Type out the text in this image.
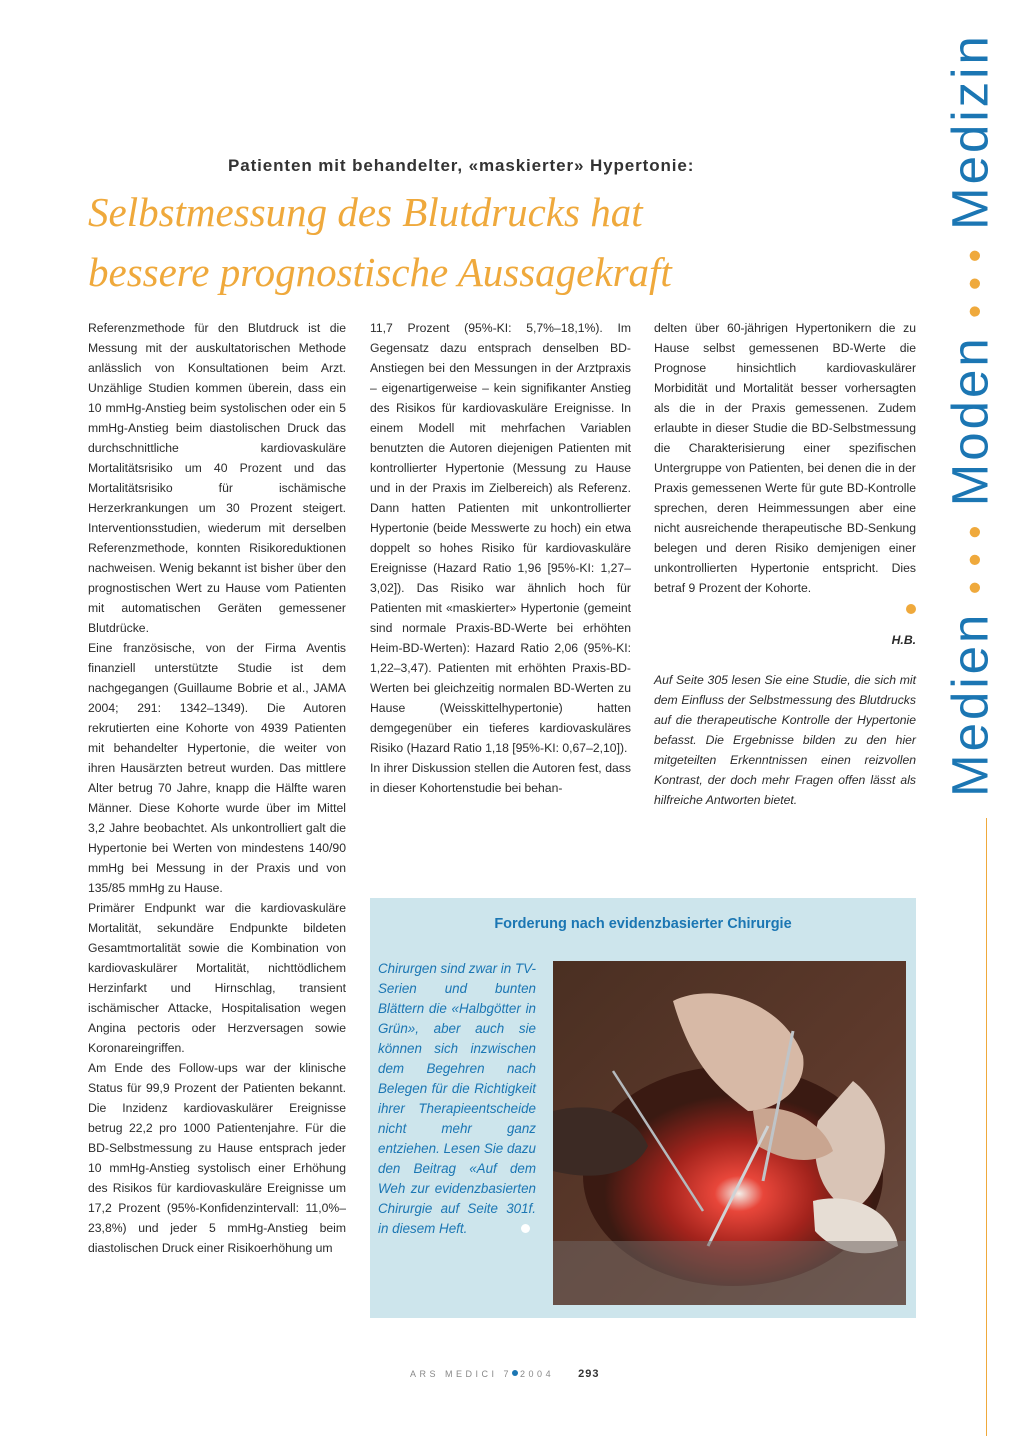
Patienten mit behandelter, «maskierter» Hypertonie:
Selbstmessung des Blutdrucks hat
bessere prognostische Aussagekraft

Referenzmethode für den Blutdruck ist die Messung mit der auskultatorischen Methode anlässlich von Konsultationen beim Arzt. Unzählige Studien kommen überein, dass ein 10 mmHg-Anstieg beim systolischen oder ein 5 mmHg-Anstieg beim diastolischen Druck das durchschnittliche kardiovaskuläre Mortalitätsrisiko um 40 Prozent und das Mortalitätsrisiko für ischämische Herzerkrankungen um 30 Prozent steigert. Interventionsstudien, wiederum mit derselben Referenzmethode, konnten Risikoreduktionen nachweisen. Wenig bekannt ist bisher über den prognostischen Wert zu Hause vom Patienten mit automatischen Geräten gemessener Blutdrücke.

Eine französische, von der Firma Aventis finanziell unterstützte Studie ist dem nachgegangen (Guillaume Bobrie et al., JAMA 2004; 291: 1342–1349). Die Autoren rekrutierten eine Kohorte von 4939 Patienten mit behandelter Hypertonie, die weiter von ihren Hausärzten betreut wurden. Das mittlere Alter betrug 70 Jahre, knapp die Hälfte waren Männer. Diese Kohorte wurde über im Mittel 3,2 Jahre beobachtet. Als unkontrolliert galt die Hypertonie bei Werten von mindestens 140/90 mmHg bei Messung in der Praxis und von 135/85 mmHg zu Hause.

Primärer Endpunkt war die kardiovaskuläre Mortalität, sekundäre Endpunkte bildeten Gesamtmortalität sowie die Kombination von kardiovaskulärer Mortalität, nichttödlichem Herzinfarkt und Hirnschlag, transient ischämischer Attacke, Hospitalisation wegen Angina pectoris oder Herzversagen sowie Koronareingriffen.

Am Ende des Follow-ups war der klinische Status für 99,9 Prozent der Patienten bekannt. Die Inzidenz kardiovaskulärer Ereignisse betrug 22,2 pro 1000 Patientenjahre. Für die BD-Selbstmessung zu Hause entsprach jeder 10 mmHg-Anstieg systolisch einer Erhöhung des Risikos für kardiovaskuläre Ereignisse um 17,2 Prozent (95%-Konfidenzintervall: 11,0%–23,8%) und jeder 5 mmHg-Anstieg beim diastolischen Druck einer Risikoerhöhung um

11,7 Prozent (95%-KI: 5,7%–18,1%). Im Gegensatz dazu entsprach denselben BD-Anstiegen bei den Messungen in der Arztpraxis – eigenartigerweise – kein signifikanter Anstieg des Risikos für kardiovaskuläre Ereignisse. In einem Modell mit mehrfachen Variablen benutzten die Autoren diejenigen Patienten mit kontrollierter Hypertonie (Messung zu Hause und in der Praxis im Zielbereich) als Referenz. Dann hatten Patienten mit unkontrollierter Hypertonie (beide Messwerte zu hoch) ein etwa doppelt so hohes Risiko für kardiovaskuläre Ereignisse (Hazard Ratio 1,96 [95%-KI: 1,27–3,02]). Das Risiko war ähnlich hoch für Patienten mit «maskierter» Hypertonie (gemeint sind normale Praxis-BD-Werte bei erhöhten Heim-BD-Werten): Hazard Ratio 2,06 (95%-KI: 1,22–3,47). Patienten mit erhöhten Praxis-BD-Werten bei gleichzeitig normalen BD-Werten zu Hause (Weisskittelhypertonie) hatten demgegenüber ein tieferes kardiovaskuläres Risiko (Hazard Ratio 1,18 [95%-KI: 0,67–2,10]).

In ihrer Diskussion stellen die Autoren fest, dass in dieser Kohortenstudie bei behan-

delten über 60-jährigen Hypertonikern die zu Hause selbst gemessenen BD-Werte die Prognose hinsichtlich kardiovaskulärer Morbidität und Mortalität besser vorhersagten als die in der Praxis gemessenen. Zudem erlaubte in dieser Studie die BD-Selbstmessung die Charakterisierung einer spezifischen Untergruppe von Patienten, bei denen die in der Praxis gemessenen Werte für gute BD-Kontrolle sprechen, deren Heimmessungen aber eine nicht ausreichende therapeutische BD-Senkung belegen und deren Risiko demjenigen einer unkontrollierten Hypertonie entspricht. Dies betraf 9 Prozent der Kohorte.

H.B.

Auf Seite 305 lesen Sie eine Studie, die sich mit dem Einfluss der Selbstmessung des Blutdrucks auf die therapeutische Kontrolle der Hypertonie befasst. Die Ergebnisse bilden zu den hier mitgeteilten Erkenntnissen einen reizvollen Kontrast, der doch mehr Fragen offen lässt als hilfreiche Antworten bietet.

Forderung nach evidenzbasierter Chirurgie
Chirurgen sind zwar in TV-Serien und bunten Blättern die «Halbgötter in Grün», aber auch sie können sich inzwischen dem Begehren nach Belegen für die Richtigkeit ihrer Therapieentscheide nicht mehr ganz entziehen. Lesen Sie dazu den Beitrag «Auf dem Weh zur evidenzbasierten Chirurgie auf Seite 301f. in diesem Heft.
Medien • • • Moden • • • Medizin
ARS MEDICI 7 2004 293
